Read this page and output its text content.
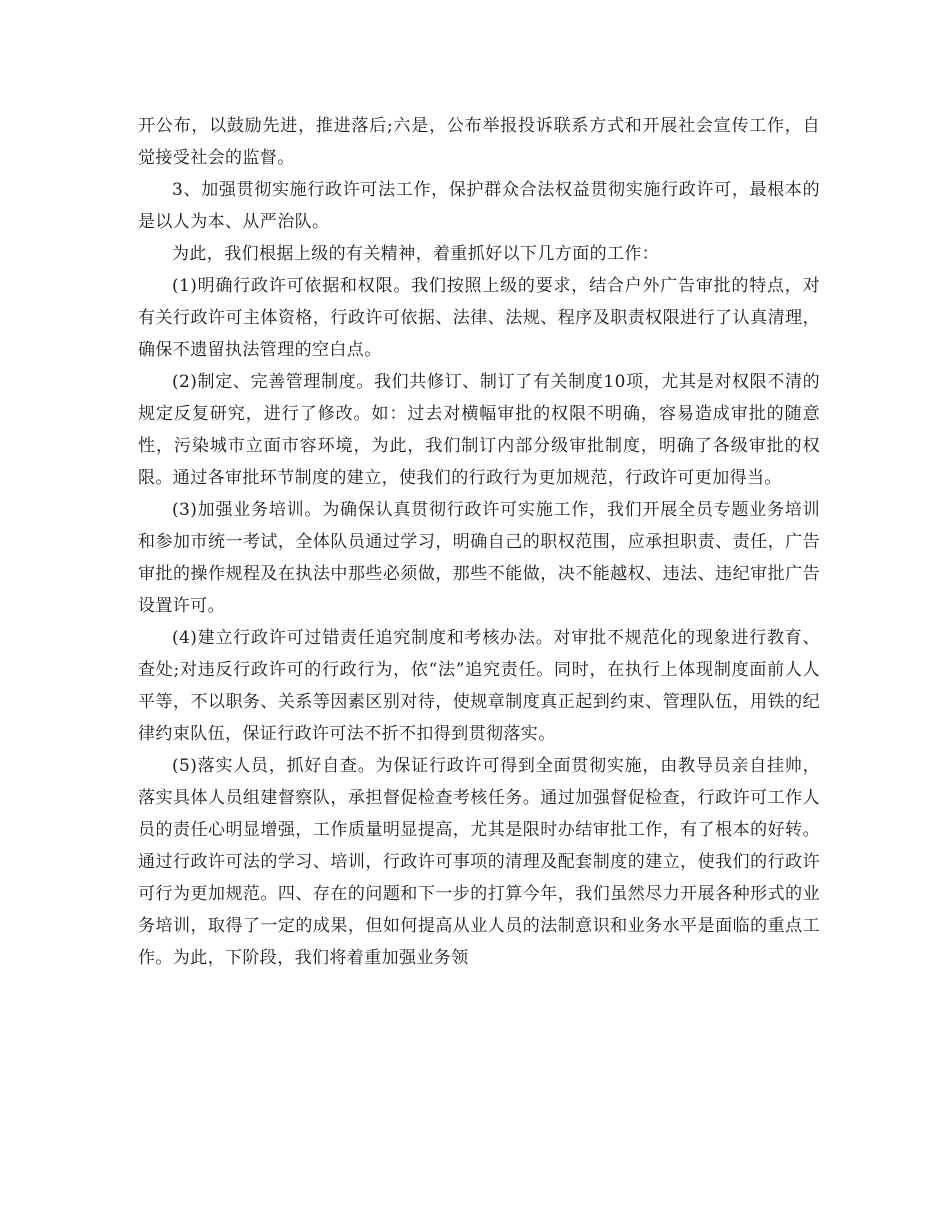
开公布，以鼓励先进，推进落后;六是，公布举报投诉联系方式和开展社会宣传工作，自觉接受社会的监督。

3、加强贯彻实施行政许可法工作，保护群众合法权益贯彻实施行政许可，最根本的是以人为本、从严治队。

为此，我们根据上级的有关精神，着重抓好以下几方面的工作：

(1)明确行政许可依据和权限。我们按照上级的要求，结合户外广告审批的特点，对有关行政许可主体资格，行政许可依据、法律、法规、程序及职责权限进行了认真清理，确保不遗留执法管理的空白点。

(2)制定、完善管理制度。我们共修订、制订了有关制度10项，尤其是对权限不清的规定反复研究，进行了修改。如：过去对横幅审批的权限不明确，容易造成审批的随意性，污染城市立面市容环境，为此，我们制订内部分级审批制度，明确了各级审批的权限。通过各审批环节制度的建立，使我们的行政行为更加规范，行政许可更加得当。

(3)加强业务培训。为确保认真贯彻行政许可实施工作，我们开展全员专题业务培训和参加市统一考试，全体队员通过学习，明确自己的职权范围，应承担职责、责任，广告审批的操作规程及在执法中那些必须做，那些不能做，决不能越权、违法、违纪审批广告设置许可。

(4)建立行政许可过错责任追究制度和考核办法。对审批不规范化的现象进行教育、查处;对违反行政许可的行政行为，依“法”追究责任。同时，在执行上体现制度面前人人平等，不以职务、关系等因素区别对待，使规章制度真正起到约束、管理队伍，用铁的纪律约束队伍，保证行政许可法不折不扣得到贯彻落实。

(5)落实人员，抓好自查。为保证行政许可得到全面贯彻实施，由教导员亲自挂帅，落实具体人员组建督察队，承担督促检查考核任务。通过加强督促检查，行政许可工作人员的责任心明显增强，工作质量明显提高，尤其是限时办结审批工作，有了根本的好转。通过行政许可法的学习、培训，行政许可事项的清理及配套制度的建立，使我们的行政许可行为更加规范。四、存在的问题和下一步的打算今年，我们虽然尽力开展各种形式的业务培训，取得了一定的成果，但如何提高从业人员的法制意识和业务水平是面临的重点工作。为此，下阶段，我们将着重加强业务领
